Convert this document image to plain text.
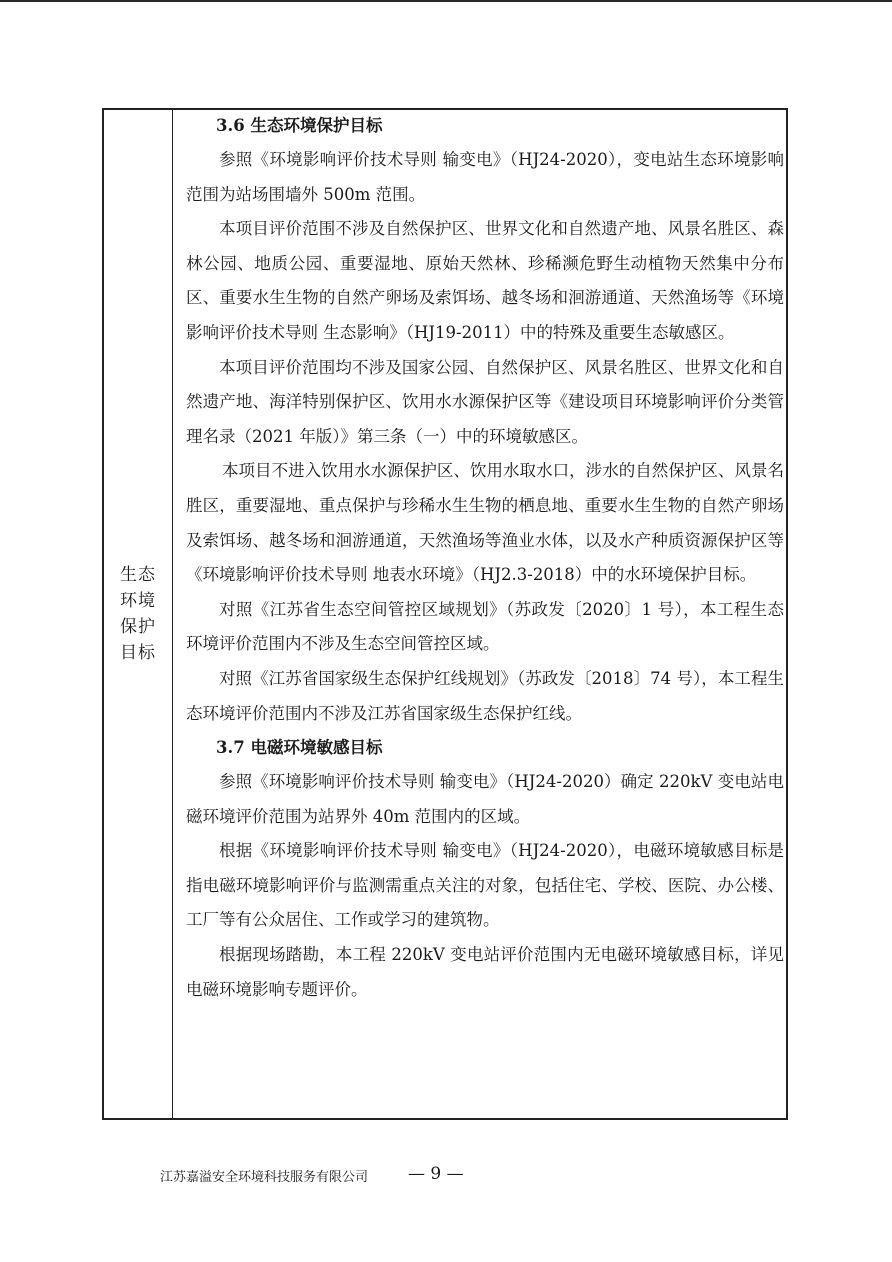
生态环境保护目标

3.6 生态环境保护目标

参照《环境影响评价技术导则 输变电》（HJ24-2020），变电站生态环境影响范围为站场围墙外 500m 范围。

本项目评价范围不涉及自然保护区、世界文化和自然遗产地、风景名胜区、森林公园、地质公园、重要湿地、原始天然林、珍稀濒危野生动植物天然集中分布区、重要水生生物的自然产卵场及索饵场、越冬场和洄游通道、天然渔场等《环境影响评价技术导则 生态影响》（HJ19-2011）中的特殊及重要生态敏感区。

本项目评价范围均不涉及国家公园、自然保护区、风景名胜区、世界文化和自然遗产地、海洋特别保护区、饮用水水源保护区等《建设项目环境影响评价分类管理名录（2021 年版）》第三条（一）中的环境敏感区。

本项目不进入饮用水水源保护区、饮用水取水口，涉水的自然保护区、风景名胜区，重要湿地、重点保护与珍稀水生生物的栖息地、重要水生生物的自然产卵场及索饵场、越冬场和洄游通道，天然渔场等渔业水体，以及水产种质资源保护区等《环境影响评价技术导则 地表水环境》（HJ2.3-2018）中的水环境保护目标。

对照《江苏省生态空间管控区域规划》（苏政发〔2020〕1 号），本工程生态环境评价范围内不涉及生态空间管控区域。

对照《江苏省国家级生态保护红线规划》（苏政发〔2018〕74 号），本工程生态环境评价范围内不涉及江苏省国家级生态保护红线。

3.7 电磁环境敏感目标

参照《环境影响评价技术导则 输变电》（HJ24-2020）确定 220kV 变电站电磁环境评价范围为站界外 40m 范围内的区域。

根据《环境影响评价技术导则 输变电》（HJ24-2020），电磁环境敏感目标是指电磁环境影响评价与监测需重点关注的对象，包括住宅、学校、医院、办公楼、工厂等有公众居住、工作或学习的建筑物。

根据现场踏勘，本工程 220kV 变电站评价范围内无电磁环境敏感目标，详见电磁环境影响专题评价。

江苏嘉溢安全环境科技服务有限公司 — 9 —
